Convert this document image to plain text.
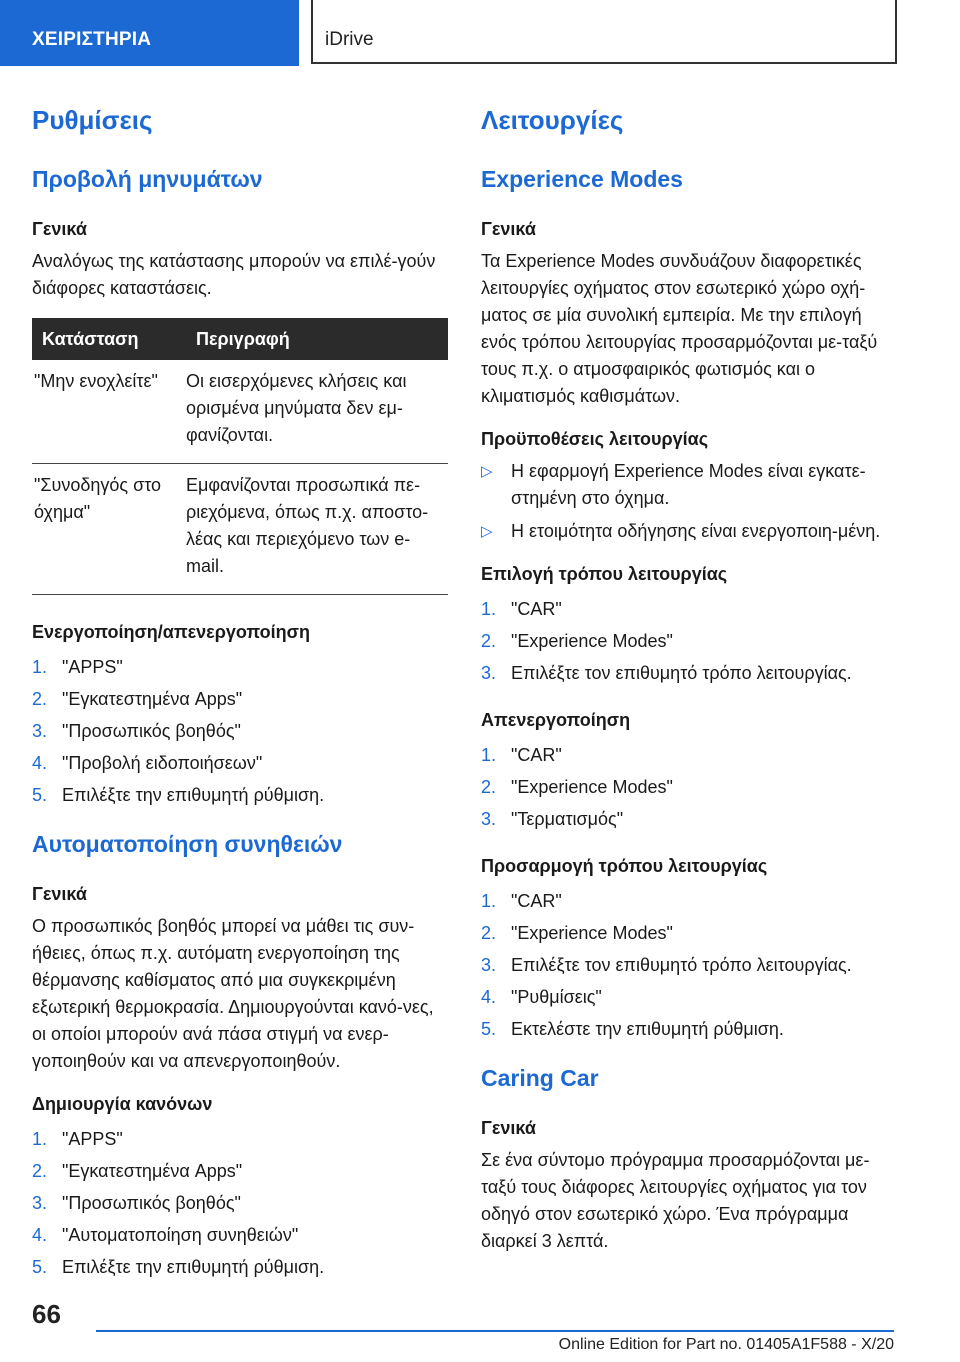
ΧΕΙΡΙΣΤΗΡΙΑ	iDrive
Ρυθμίσεις
Προβολή μηνυμάτων
Γενικά

Αναλόγως της κατάστασης μπορούν να επιλέ-γούν διάφορες καταστάσεις.

Κατάσταση	Περιγραφή
"Μην ενοχλείτε"	Οι εισερχόμενες κλήσεις και ορισμένα μηνύματα δεν εμ-φανίζονται.
"Συνοδηγός στο όχημα"	Εμφανίζονται προσωπικά πε-ριεχόμενα, όπως π.χ. αποστο-λέας και περιεχόμενο των e-mail.
Ενεργοποίηση/απενεργοποίηση
1. "APPS"
2. "Εγκατεστημένα Apps"
3. "Προσωπικός βοηθός"
4. "Προβολή ειδοποιήσεων"
5. Επιλέξτε την επιθυμητή ρύθμιση.
Αυτοματοποίηση συνηθειών
Γενικά

Ο προσωπικός βοηθός μπορεί να μάθει τις συν-ήθειες, όπως π.χ. αυτόματη ενεργοποίηση της θέρμανσης καθίσματος από μια συγκεκριμένη εξωτερική θερμοκρασία. Δημιουργούνται κανό-νες, οι οποίοι μπορούν ανά πάσα στιγμή να ενερ-γοποιηθούν και να απενεργοποιηθούν.

Δημιουργία κανόνων
1. "APPS"
2. "Εγκατεστημένα Apps"
3. "Προσωπικός βοηθός"
4. "Αυτοματοποίηση συνηθειών"
5. Επιλέξτε την επιθυμητή ρύθμιση.
Λειτουργίες
Experience Modes
Γενικά

Τα Experience Modes συνδυάζουν διαφορετικές λειτουργίες οχήματος στον εσωτερικό χώρο οχή-ματος σε μία συνολική εμπειρία. Με την επιλογή ενός τρόπου λειτουργίας προσαρμόζονται με-ταξύ τους π.χ. ο ατμοσφαιρικός φωτισμός και ο κλιματισμός καθισμάτων.

Προϋποθέσεις λειτουργίας
▷ Η εφαρμογή Experience Modes είναι εγκατε-στημένη στο όχημα.
▷ Η ετοιμότητα οδήγησης είναι ενεργοποιη-μένη.
Επιλογή τρόπου λειτουργίας
1. "CAR"
2. "Experience Modes"
3. Επιλέξτε τον επιθυμητό τρόπο λειτουργίας.
Απενεργοποίηση
1. "CAR"
2. "Experience Modes"
3. "Τερματισμός"
Προσαρμογή τρόπου λειτουργίας
1. "CAR"
2. "Experience Modes"
3. Επιλέξτε τον επιθυμητό τρόπο λειτουργίας.
4. "Ρυθμίσεις"
5. Εκτελέστε την επιθυμητή ρύθμιση.
Caring Car
Γενικά

Σε ένα σύντομο πρόγραμμα προσαρμόζονται με-ταξύ τους διάφορες λειτουργίες οχήματος για τον οδηγό στον εσωτερικό χώρο. Ένα πρόγραμμα διαρκεί 3 λεπτά.

66
Online Edition for Part no. 01405A1F588 - X/20
